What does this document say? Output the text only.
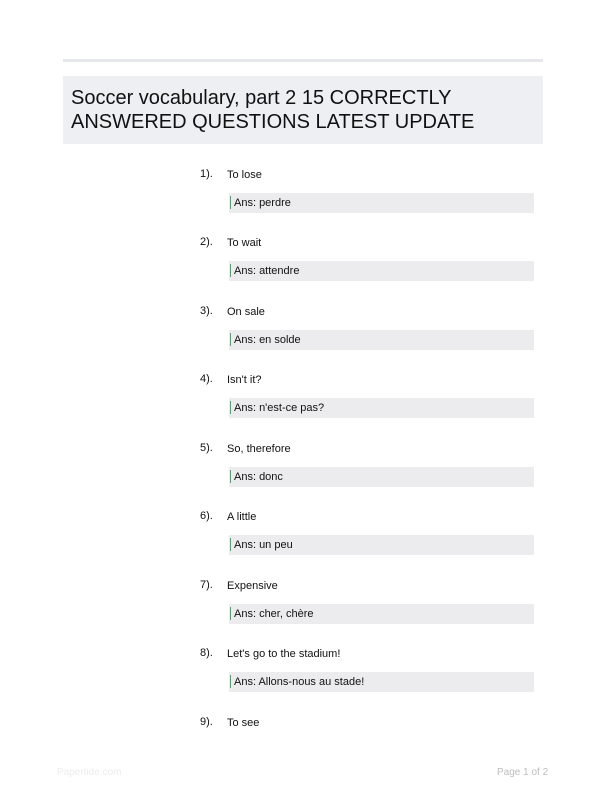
Soccer vocabulary, part 2 15 CORRECTLY ANSWERED QUESTIONS LATEST UPDATE
1). To lose
Ans: perdre
2). To wait
Ans: attendre
3). On sale
Ans: en solde
4). Isn't it?
Ans: n'est-ce pas?
5). So, therefore
Ans: donc
6). A little
Ans: un peu
7). Expensive
Ans: cher, chère
8). Let's go to the stadium!
Ans: Allons-nous au stade!
9). To see
Papertide.com	Page 1 of 2
